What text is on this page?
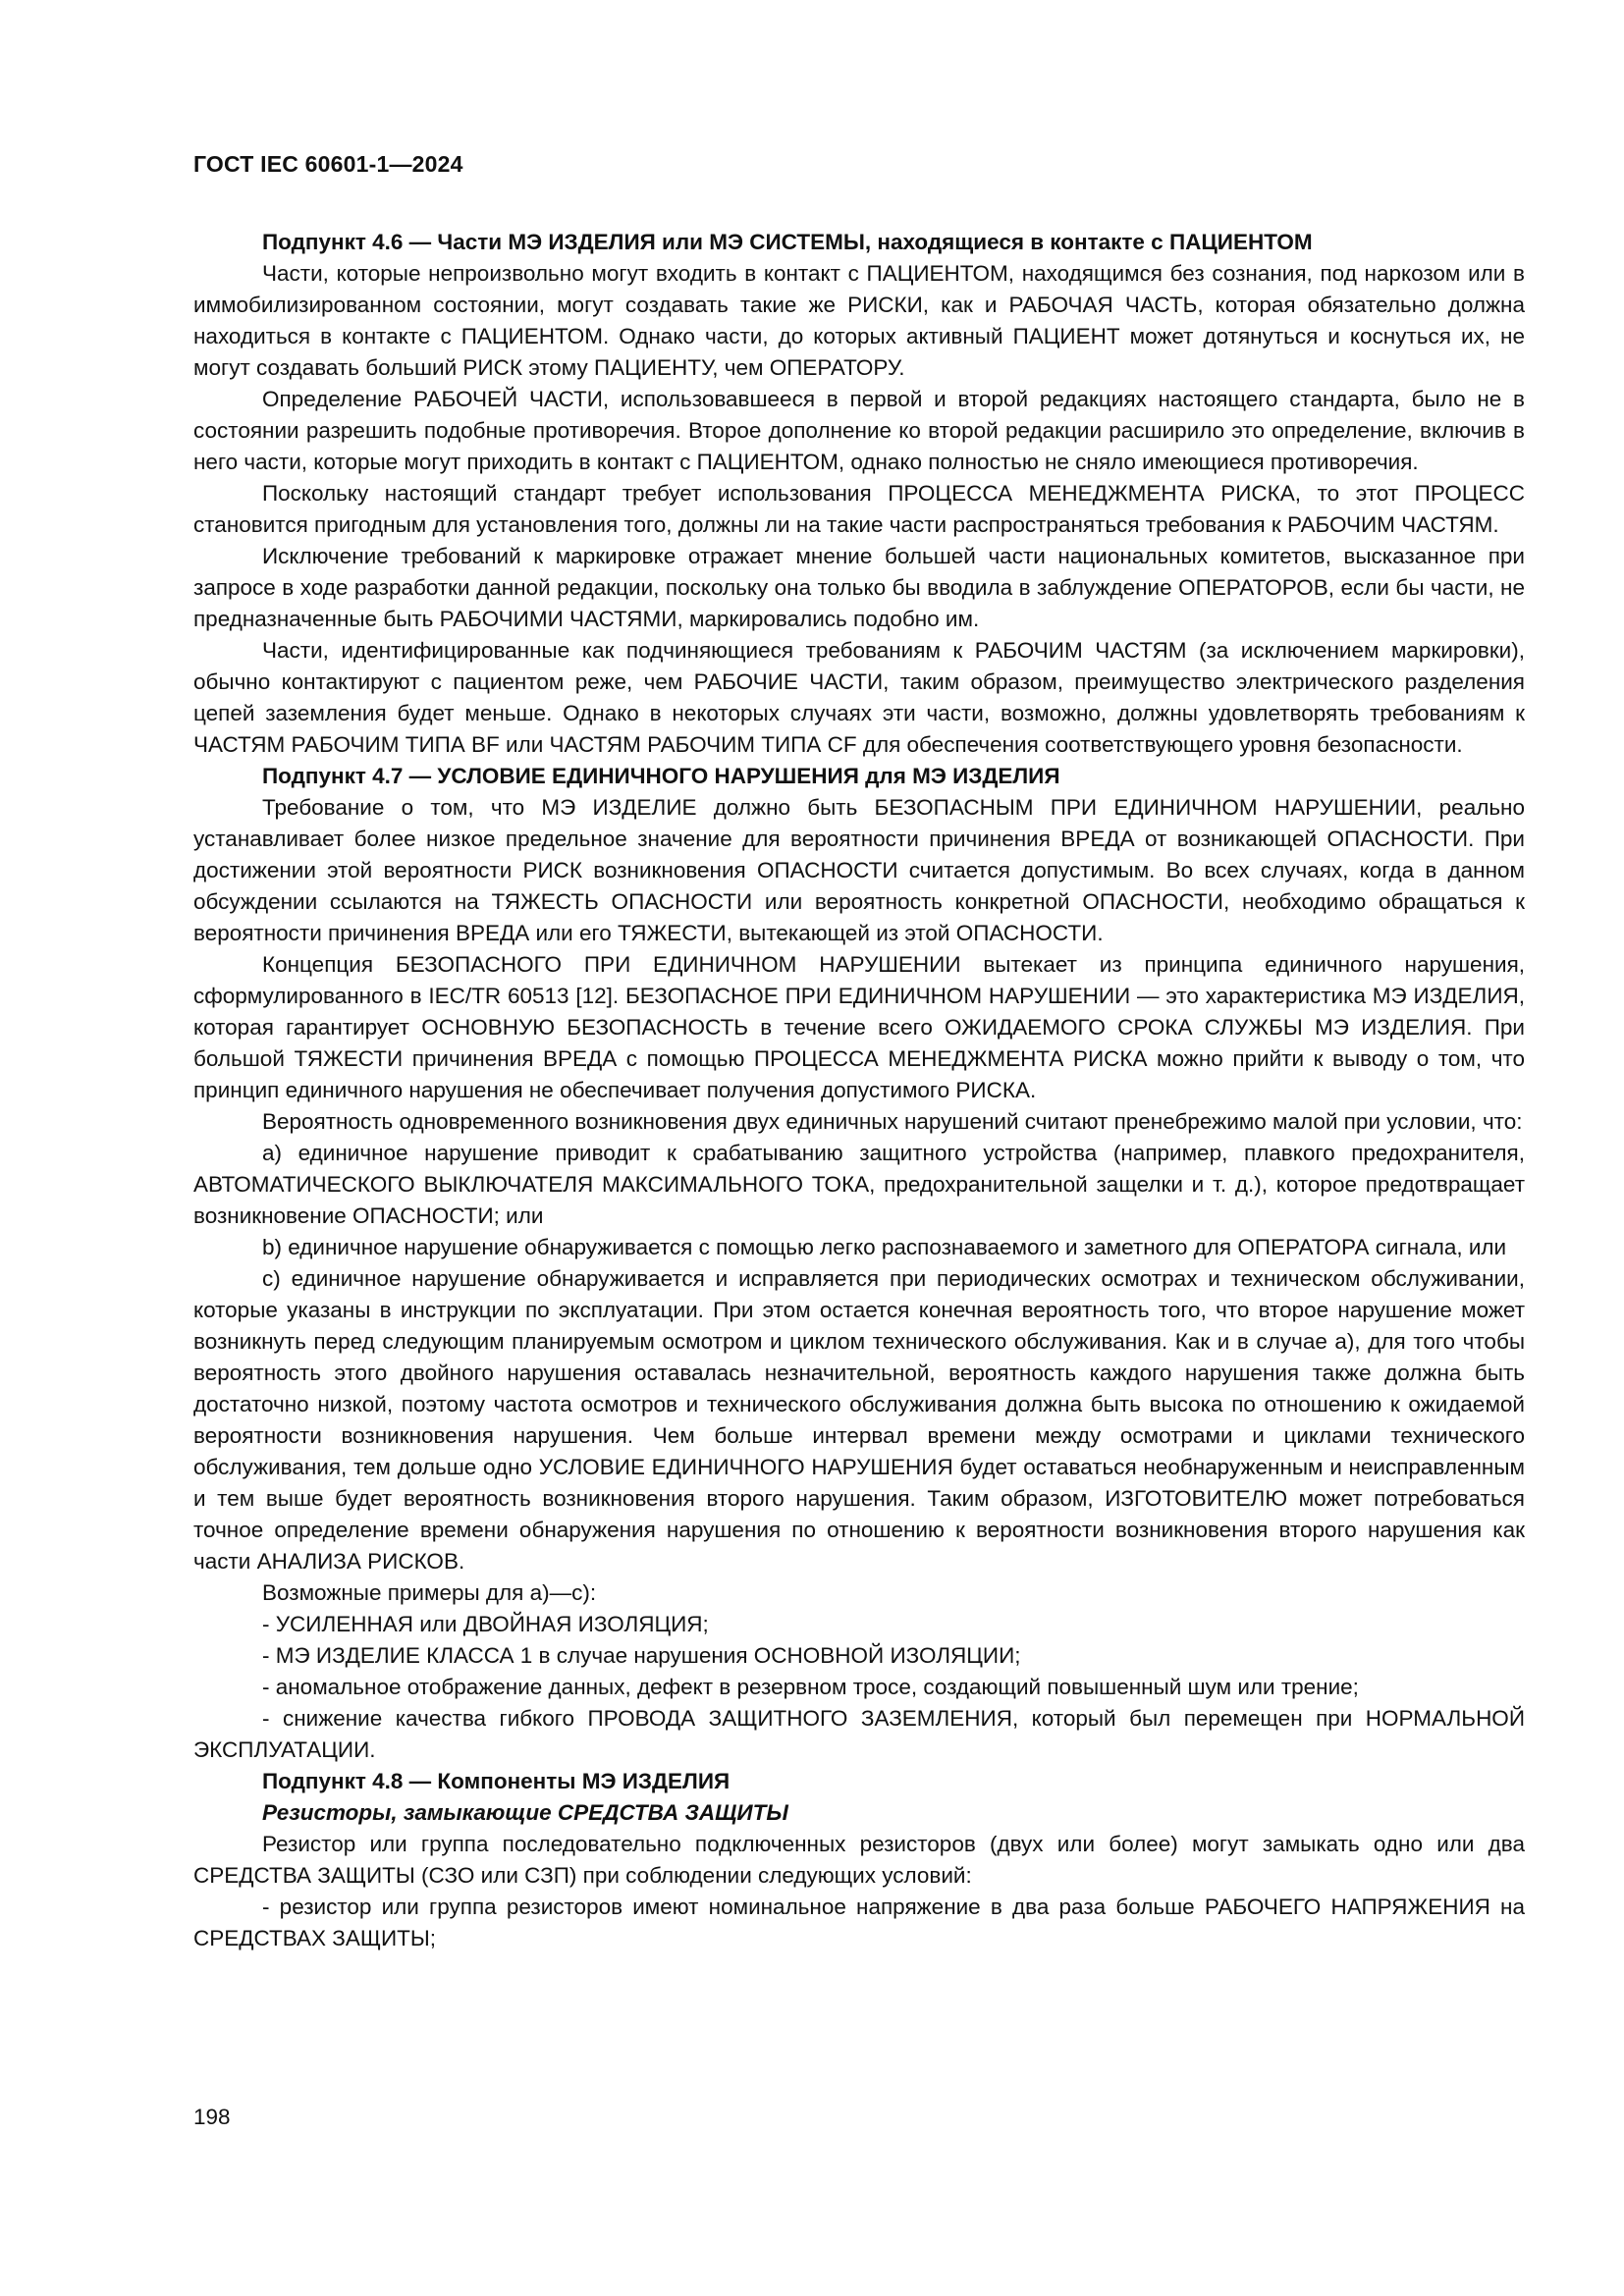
ГОСТ IEC 60601-1—2024
Подпункт 4.6 — Части МЭ ИЗДЕЛИЯ или МЭ СИСТЕМЫ, находящиеся в контакте с ПАЦИЕНТОМ
Части, которые непроизвольно могут входить в контакт с ПАЦИЕНТОМ, находящимся без сознания, под наркозом или в иммобилизированном состоянии, могут создавать такие же РИСКИ, как и РАБОЧАЯ ЧАСТЬ, которая обязательно должна находиться в контакте с ПАЦИЕНТОМ. Однако части, до которых активный ПАЦИЕНТ может дотянуться и коснуться их, не могут создавать больший РИСК этому ПАЦИЕНТУ, чем ОПЕРАТОРУ.
Определение РАБОЧЕЙ ЧАСТИ, использовавшееся в первой и второй редакциях настоящего стандарта, было не в состоянии разрешить подобные противоречия. Второе дополнение ко второй редакции расширило это определение, включив в него части, которые могут приходить в контакт с ПАЦИЕНТОМ, однако полностью не сняло имеющиеся противоречия.
Поскольку настоящий стандарт требует использования ПРОЦЕССА МЕНЕДЖМЕНТА РИСКА, то этот ПРОЦЕСС становится пригодным для установления того, должны ли на такие части распространяться требования к РАБОЧИМ ЧАСТЯМ.
Исключение требований к маркировке отражает мнение большей части национальных комитетов, высказанное при запросе в ходе разработки данной редакции, поскольку она только бы вводила в заблуждение ОПЕРАТОРОВ, если бы части, не предназначенные быть РАБОЧИМИ ЧАСТЯМИ, маркировались подобно им.
Части, идентифицированные как подчиняющиеся требованиям к РАБОЧИМ ЧАСТЯМ (за исключением маркировки), обычно контактируют с пациентом реже, чем РАБОЧИЕ ЧАСТИ, таким образом, преимущество электрического разделения цепей заземления будет меньше. Однако в некоторых случаях эти части, возможно, должны удовлетворять требованиям к ЧАСТЯМ РАБОЧИМ ТИПА BF или ЧАСТЯМ РАБОЧИМ ТИПА CF для обеспечения соответствующего уровня безопасности.
Подпункт 4.7 — УСЛОВИЕ ЕДИНИЧНОГО НАРУШЕНИЯ для МЭ ИЗДЕЛИЯ
Требование о том, что МЭ ИЗДЕЛИЕ должно быть БЕЗОПАСНЫМ ПРИ ЕДИНИЧНОМ НАРУШЕНИИ, реально устанавливает более низкое предельное значение для вероятности причинения ВРЕДА от возникающей ОПАСНОСТИ. При достижении этой вероятности РИСК возникновения ОПАСНОСТИ считается допустимым. Во всех случаях, когда в данном обсуждении ссылаются на ТЯЖЕСТЬ ОПАСНОСТИ или вероятность конкретной ОПАСНОСТИ, необходимо обращаться к вероятности причинения ВРЕДА или его ТЯЖЕСТИ, вытекающей из этой ОПАСНОСТИ.
Концепция БЕЗОПАСНОГО ПРИ ЕДИНИЧНОМ НАРУШЕНИИ вытекает из принципа единичного нарушения, сформулированного в IEC/TR 60513 [12]. БЕЗОПАСНОЕ ПРИ ЕДИНИЧНОМ НАРУШЕНИИ — это характеристика МЭ ИЗДЕЛИЯ, которая гарантирует ОСНОВНУЮ БЕЗОПАСНОСТЬ в течение всего ОЖИДАЕМОГО СРОКА СЛУЖБЫ МЭ ИЗДЕЛИЯ. При большой ТЯЖЕСТИ причинения ВРЕДА с помощью ПРОЦЕССА МЕНЕДЖМЕНТА РИСКА можно прийти к выводу о том, что принцип единичного нарушения не обеспечивает получения допустимого РИСКА.
Вероятность одновременного возникновения двух единичных нарушений считают пренебрежимо малой при условии, что:
a) единичное нарушение приводит к срабатыванию защитного устройства (например, плавкого предохранителя, АВТОМАТИЧЕСКОГО ВЫКЛЮЧАТЕЛЯ МАКСИМАЛЬНОГО ТОКА, предохранительной защелки и т. д.), которое предотвращает возникновение ОПАСНОСТИ; или
b) единичное нарушение обнаруживается с помощью легко распознаваемого и заметного для ОПЕРАТОРА сигнала, или
c) единичное нарушение обнаруживается и исправляется при периодических осмотрах и техническом обслуживании, которые указаны в инструкции по эксплуатации. При этом остается конечная вероятность того, что второе нарушение может возникнуть перед следующим планируемым осмотром и циклом технического обслуживания. Как и в случае a), для того чтобы вероятность этого двойного нарушения оставалась незначительной, вероятность каждого нарушения также должна быть достаточно низкой, поэтому частота осмотров и технического обслуживания должна быть высока по отношению к ожидаемой вероятности возникновения нарушения. Чем больше интервал времени между осмотрами и циклами технического обслуживания, тем дольше одно УСЛОВИЕ ЕДИНИЧНОГО НАРУШЕНИЯ будет оставаться необнаруженным и неисправленным и тем выше будет вероятность возникновения второго нарушения. Таким образом, ИЗГОТОВИТЕЛЮ может потребоваться точное определение времени обнаружения нарушения по отношению к вероятности возникновения второго нарушения как части АНАЛИЗА РИСКОВ.
Возможные примеры для a)—c):
- УСИЛЕННАЯ или ДВОЙНАЯ ИЗОЛЯЦИЯ;
- МЭ ИЗДЕЛИЕ КЛАССА 1 в случае нарушения ОСНОВНОЙ ИЗОЛЯЦИИ;
- аномальное отображение данных, дефект в резервном тросе, создающий повышенный шум или трение;
- снижение качества гибкого ПРОВОДА ЗАЩИТНОГО ЗАЗЕМЛЕНИЯ, который был перемещен при НОРМАЛЬНОЙ ЭКСПЛУАТАЦИИ.
Подпункт 4.8 — Компоненты МЭ ИЗДЕЛИЯ
Резисторы, замыкающие СРЕДСТВА ЗАЩИТЫ
Резистор или группа последовательно подключенных резисторов (двух или более) могут замыкать одно или два СРЕДСТВА ЗАЩИТЫ (СЗО или СЗП) при соблюдении следующих условий:
- резистор или группа резисторов имеют номинальное напряжение в два раза больше РАБОЧЕГО НАПРЯЖЕНИЯ на СРЕДСТВАХ ЗАЩИТЫ;
198
